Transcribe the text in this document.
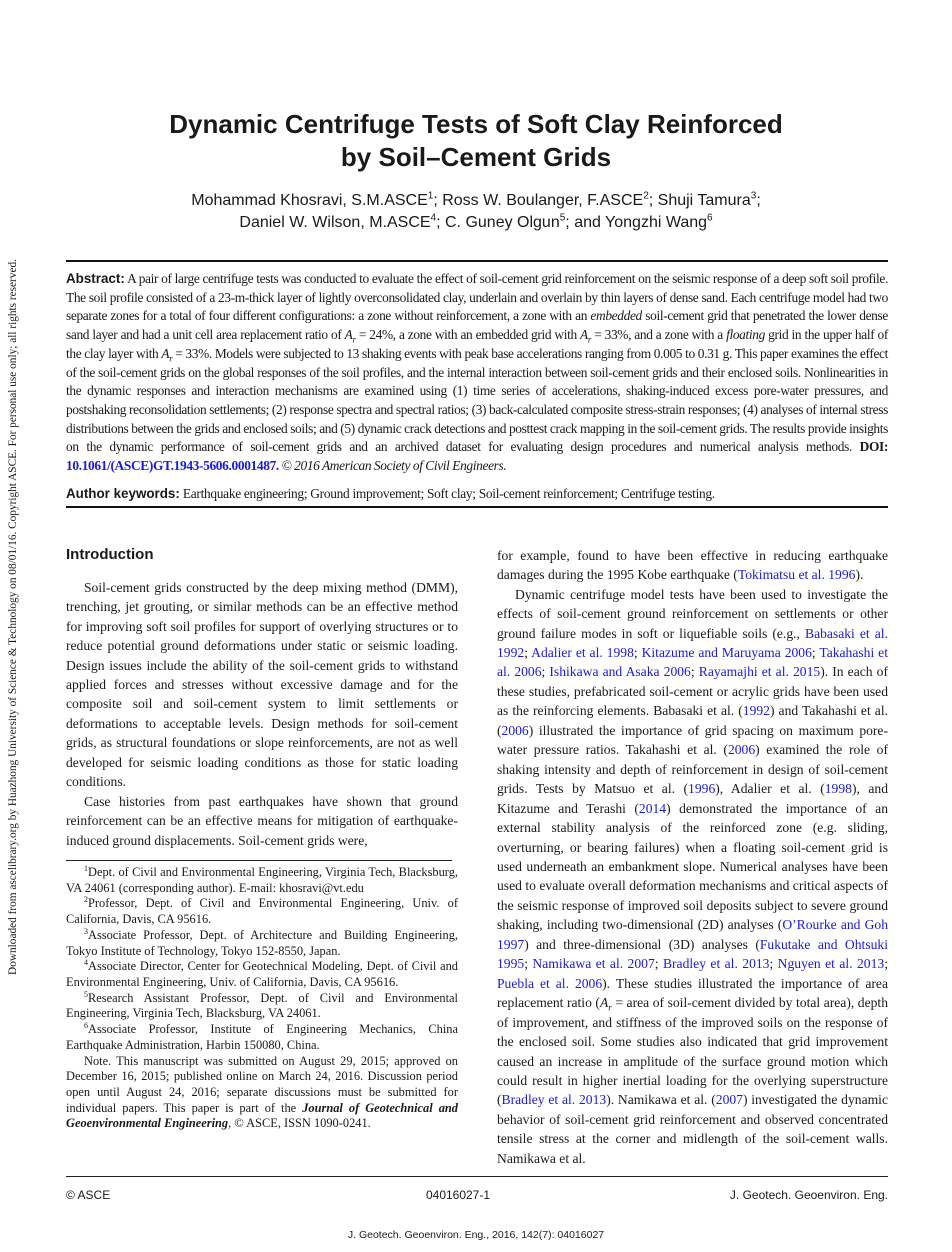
Downloaded from ascelibrary.org by Huazhong University of Science & Technology on 08/01/16. Copyright ASCE. For personal use only; all rights reserved.
Dynamic Centrifuge Tests of Soft Clay Reinforced
by Soil–Cement Grids
Mohammad Khosravi, S.M.ASCE$^1$; Ross W. Boulanger, F.ASCE$^2$; Shuji Tamura$^3$;
Daniel W. Wilson, M.ASCE$^4$; C. Guney Olgun$^5$; and Yongzhi Wang$^6$
Abstract: A pair of large centrifuge tests was conducted to evaluate the effect of soil-cement grid reinforcement on the seismic response of a deep soft soil profile. The soil profile consisted of a 23-m-thick layer of lightly overconsolidated clay, underlain and overlain by thin layers of dense sand. Each centrifuge model had two separate zones for a total of four different configurations: a zone without reinforcement, a zone with an embedded soil-cement grid that penetrated the lower dense sand layer and had a unit cell area replacement ratio of $A_r = 24\%$, a zone with an embedded grid with $A_r = 33\%$, and a zone with a floating grid in the upper half of the clay layer with $A_r = 33\%$. Models were subjected to 13 shaking events with peak base accelerations ranging from 0.005 to 0.31 g. This paper examines the effect of the soil-cement grids on the global responses of the soil profiles, and the internal interaction between soil-cement grids and their enclosed soils. Nonlinearities in the dynamic responses and interaction mechanisms are examined using (1) time series of accelerations, shaking-induced excess pore-water pressures, and postshaking reconsolidation settlements; (2) response spectra and spectral ratios; (3) back-calculated composite stress-strain responses; (4) analyses of internal stress distributions between the grids and enclosed soils; and (5) dynamic crack detections and posttest crack mapping in the soil-cement grids. The results provide insights on the dynamic performance of soil-cement grids and an archived dataset for evaluating design procedures and numerical analysis methods. DOI: 10.1061/(ASCE)GT.1943-5606.0001487. © 2016 American Society of Civil Engineers.
Author keywords: Earthquake engineering; Ground improvement; Soft clay; Soil-cement reinforcement; Centrifuge testing.
Introduction

Soil-cement grids constructed by the deep mixing method (DMM), trenching, jet grouting, or similar methods can be an effective method for improving soft soil profiles for support of overlying structures or to reduce potential ground deformations under static or seismic loading. Design issues include the ability of the soil-cement grids to withstand applied forces and stresses without excessive damage and for the composite soil and soil-cement system to limit settlements or deformations to acceptable levels. Design methods for soil-cement grids, as structural foundations or slope reinforcements, are not as well developed for seismic loading conditions as those for static loading conditions.

Case histories from past earthquakes have shown that ground reinforcement can be an effective means for mitigation of earthquake-induced ground displacements. Soil-cement grids were,

$^1$Dept. of Civil and Environmental Engineering, Virginia Tech, Blacksburg, VA 24061 (corresponding author). E-mail: khosravi@vt.edu

$^2$Professor, Dept. of Civil and Environmental Engineering, Univ. of California, Davis, CA 95616.

$^3$Associate Professor, Dept. of Architecture and Building Engineering, Tokyo Institute of Technology, Tokyo 152-8550, Japan.

$^4$Associate Director, Center for Geotechnical Modeling, Dept. of Civil and Environmental Engineering, Univ. of California, Davis, CA 95616.

$^5$Research Assistant Professor, Dept. of Civil and Environmental Engineering, Virginia Tech, Blacksburg, VA 24061.

$^6$Associate Professor, Institute of Engineering Mechanics, China Earthquake Administration, Harbin 150080, China.

Note. This manuscript was submitted on August 29, 2015; approved on December 16, 2015; published online on March 24, 2016. Discussion period open until August 24, 2016; separate discussions must be submitted for individual papers. This paper is part of the Journal of Geotechnical and Geoenvironmental Engineering, © ASCE, ISSN 1090-0241.

for example, found to have been effective in reducing earthquake damages during the 1995 Kobe earthquake (Tokimatsu et al. 1996).

Dynamic centrifuge model tests have been used to investigate the effects of soil-cement ground reinforcement on settlements or other ground failure modes in soft or liquefiable soils (e.g., Babasaki et al. 1992; Adalier et al. 1998; Kitazume and Maruyama 2006; Takahashi et al. 2006; Ishikawa and Asaka 2006; Rayamajhi et al. 2015). In each of these studies, prefabricated soil-cement or acrylic grids have been used as the reinforcing elements. Babasaki et al. (1992) and Takahashi et al. (2006) illustrated the importance of grid spacing on maximum pore-water pressure ratios. Takahashi et al. (2006) examined the role of shaking intensity and depth of reinforcement in design of soil-cement grids. Tests by Matsuo et al. (1996), Adalier et al. (1998), and Kitazume and Terashi (2014) demonstrated the importance of an external stability analysis of the reinforced zone (e.g. sliding, overturning, or bearing failures) when a floating soil-cement grid is used underneath an embankment slope. Numerical analyses have been used to evaluate overall deformation mechanisms and critical aspects of the seismic response of improved soil deposits subject to severe ground shaking, including two-dimensional (2D) analyses (O’Rourke and Goh 1997) and three-dimensional (3D) analyses (Fukutake and Ohtsuki 1995; Namikawa et al. 2007; Bradley et al. 2013; Nguyen et al. 2013; Puebla et al. 2006). These studies illustrated the importance of area replacement ratio ($A_r$ = area of soil-cement divided by total area), depth of improvement, and stiffness of the improved soils on the response of the enclosed soil. Some studies also indicated that grid improvement caused an increase in amplitude of the surface ground motion which could result in higher inertial loading for the overlying superstructure (Bradley et al. 2013). Namikawa et al. (2007) investigated the dynamic behavior of soil-cement grid reinforcement and observed concentrated tensile stress at the corner and midlength of the soil-cement walls. Namikawa et al.

© ASCE	04016027-1	J. Geotech. Geoenviron. Eng.
J. Geotech. Geoenviron. Eng., 2016, 142(7): 04016027
